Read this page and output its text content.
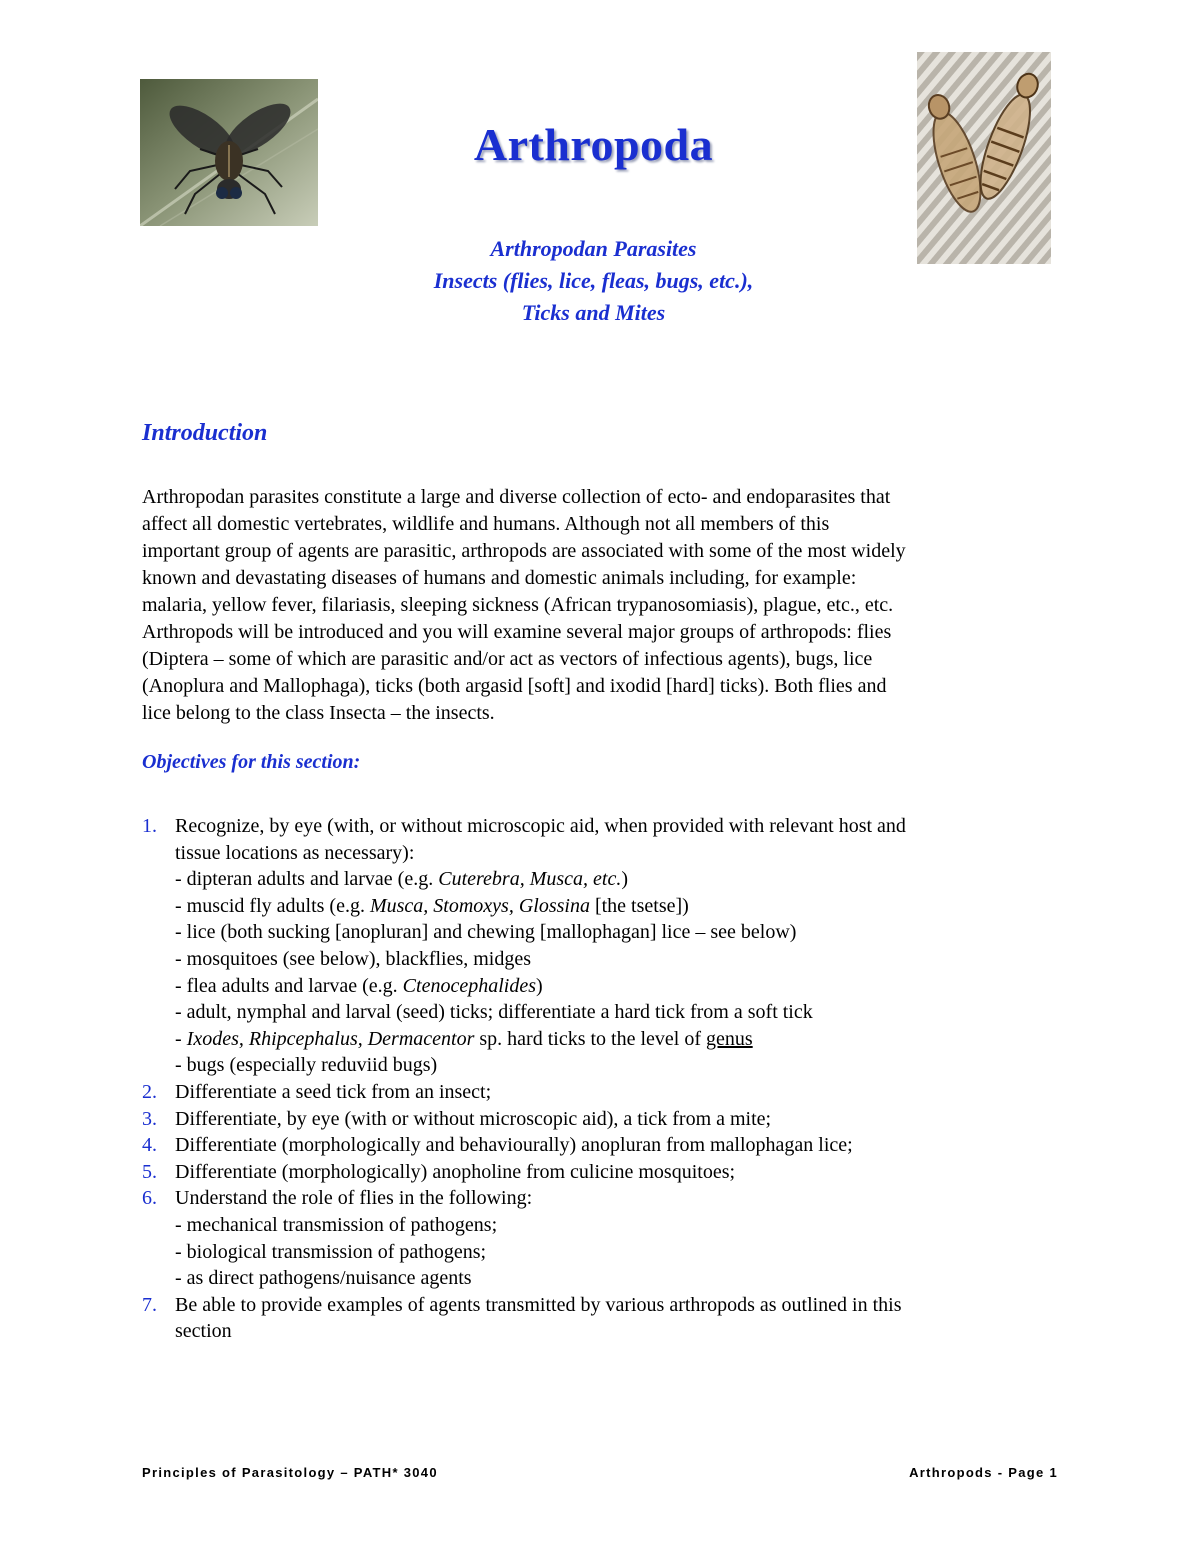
Arthropoda
Arthropodan Parasites
Insects (flies, lice, fleas, bugs, etc.),
Ticks and Mites
Introduction
Arthropodan parasites constitute a large and diverse collection of ecto- and endoparasites that
affect all domestic vertebrates, wildlife and humans. Although not all members of this
important group of agents are parasitic, arthropods are associated with some of the most widely
known and devastating diseases of humans and domestic animals including, for example:
malaria, yellow fever, filariasis, sleeping sickness (African trypanosomiasis), plague, etc., etc.
Arthropods will be introduced and you will examine several major groups of arthropods: flies
(Diptera – some of which are parasitic and/or act as vectors of infectious agents), bugs, lice
(Anoplura and Mallophaga), ticks (both argasid [soft] and ixodid [hard] ticks). Both flies and
lice belong to the class Insecta – the insects.
Objectives for this section:
1. Recognize, by eye (with, or without microscopic aid, when provided with relevant host and
tissue locations as necessary):
- dipteran adults and larvae (e.g. Cuterebra, Musca, etc.)
- muscid fly adults (e.g. Musca, Stomoxys, Glossina [the tsetse])
- lice (both sucking [anopluran] and chewing [mallophagan] lice – see below)
- mosquitoes (see below), blackflies, midges
- flea adults and larvae (e.g. Ctenocephalides)
- adult, nymphal and larval (seed) ticks; differentiate a hard tick from a soft tick
- Ixodes, Rhipcephalus, Dermacentor sp. hard ticks to the level of genus
- bugs (especially reduviid bugs)
2. Differentiate a seed tick from an insect;
3. Differentiate, by eye (with or without microscopic aid), a tick from a mite;
4. Differentiate (morphologically and behaviourally) anopluran from mallophagan lice;
5. Differentiate (morphologically) anopholine from culicine mosquitoes;
6. Understand the role of flies in the following:
- mechanical transmission of pathogens;
- biological transmission of pathogens;
- as direct pathogens/nuisance agents
7. Be able to provide examples of agents transmitted by various arthropods as outlined in this
section
Principles of Parasitology – PATH* 3040	Arthropods - Page 1
